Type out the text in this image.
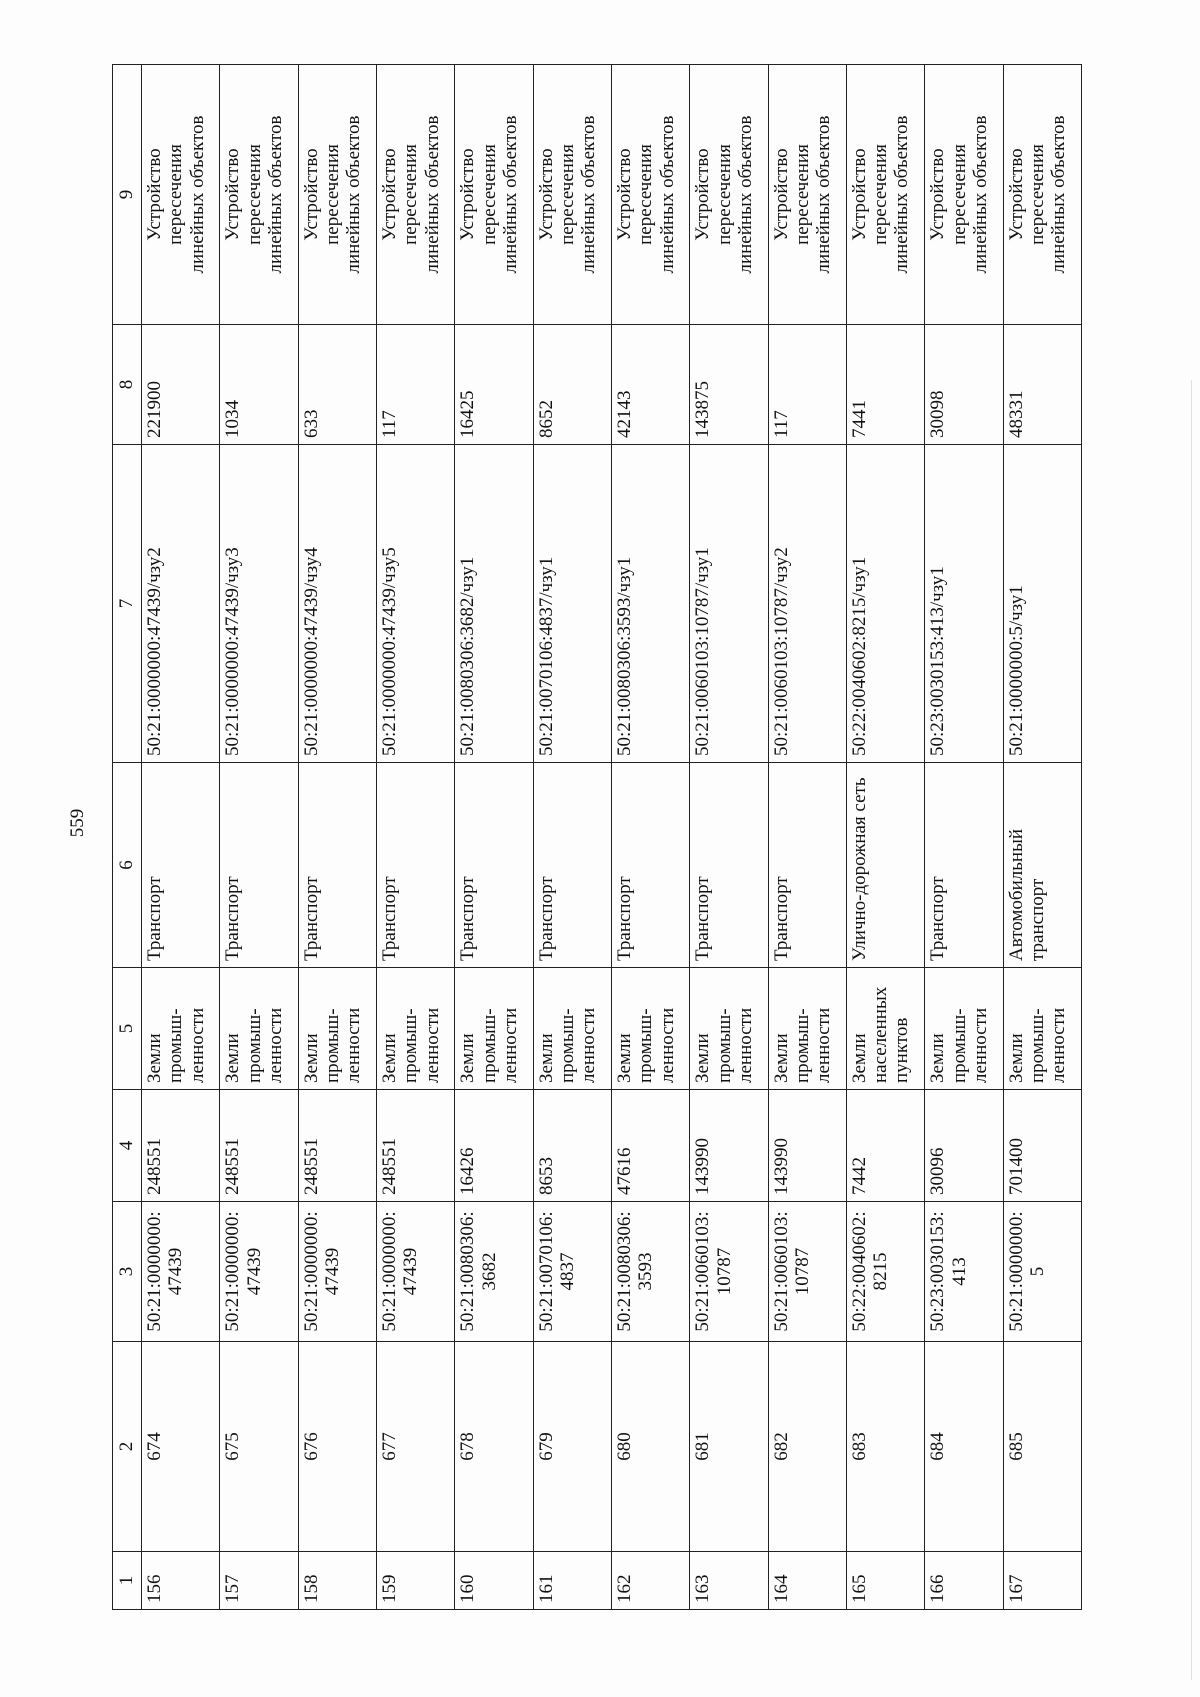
559
1	2	3	4	5	6	7	8	9
156	674	50:21:0000000:
47439	248551	Земли
промыш-
ленности	Транспорт	50:21:0000000:47439/чзу2	221900	Устройство
пересечения
линейных объектов
157	675	50:21:0000000:
47439	248551	Земли
промыш-
ленности	Транспорт	50:21:0000000:47439/чзу3	1034	Устройство
пересечения
линейных объектов
158	676	50:21:0000000:
47439	248551	Земли
промыш-
ленности	Транспорт	50:21:0000000:47439/чзу4	633	Устройство
пересечения
линейных объектов
159	677	50:21:0000000:
47439	248551	Земли
промыш-
ленности	Транспорт	50:21:0000000:47439/чзу5	117	Устройство
пересечения
линейных объектов
160	678	50:21:0080306:
3682	16426	Земли
промыш-
ленности	Транспорт	50:21:0080306:3682/чзу1	16425	Устройство
пересечения
линейных объектов
161	679	50:21:0070106:
4837	8653	Земли
промыш-
ленности	Транспорт	50:21:0070106:4837/чзу1	8652	Устройство
пересечения
линейных объектов
162	680	50:21:0080306:
3593	47616	Земли
промыш-
ленности	Транспорт	50:21:0080306:3593/чзу1	42143	Устройство
пересечения
линейных объектов
163	681	50:21:0060103:
10787	143990	Земли
промыш-
ленности	Транспорт	50:21:0060103:10787/чзу1	143875	Устройство
пересечения
линейных объектов
164	682	50:21:0060103:
10787	143990	Земли
промыш-
ленности	Транспорт	50:21:0060103:10787/чзу2	117	Устройство
пересечения
линейных объектов
165	683	50:22:0040602:
8215	7442	Земли
населенных
пунктов	Улично-дорожная сеть	50:22:0040602:8215/чзу1	7441	Устройство
пересечения
линейных объектов
166	684	50:23:0030153:
413	30096	Земли
промыш-
ленности	Транспорт	50:23:0030153:413/чзу1	30098	Устройство
пересечения
линейных объектов
167	685	50:21:0000000:
5	701400	Земли
промыш-
ленности	Автомобильный
транспорт	50:21:0000000:5/чзу1	48331	Устройство
пересечения
линейных объектов
